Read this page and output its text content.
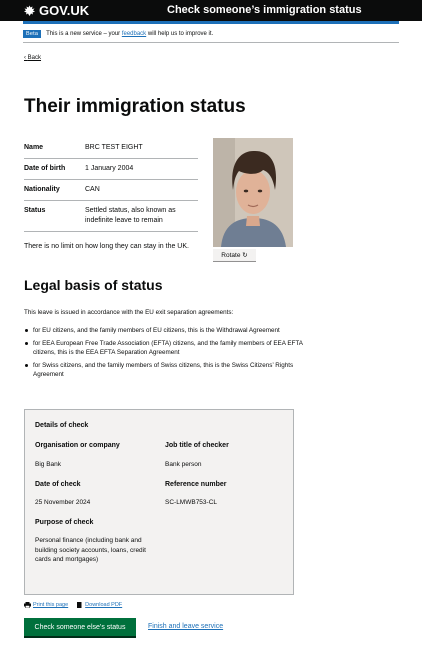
GOV.UK	Check someone’s immigration status
Beta	This is a new service – your
feedback
will help us to improve it.
‹ Back
Their immigration status
Name	BRC TEST EIGHT
Date of birth	1 January 2004
Nationality	CAN
Status	Settled status, also known as indefinite leave to remain
Rotate ↻
There is no limit on how long they can stay in the UK.
Legal basis of status

This leave is issued in accordance with the EU exit separation agreements:

for EU citizens, and the family members of EU citizens, this is the Withdrawal Agreement
for EEA European Free Trade Association (EFTA) citizens, and the family members of EEA EFTA citizens, this is the EEA EFTA Separation Agreement
for Swiss citizens, and the family members of Swiss citizens, this is the Swiss Citizens’ Rights Agreement
Details of check
Organisation or company
Big Bank
Job title of checker
Bank person
Date of check
25 November 2024
Reference number
SC-LMWB753-CL
Purpose of check
Personal finance (including bank and building society accounts, loans, credit cards and mortgages)
Print this page	Download PDF
Check someone else’s status	Finish and leave service
